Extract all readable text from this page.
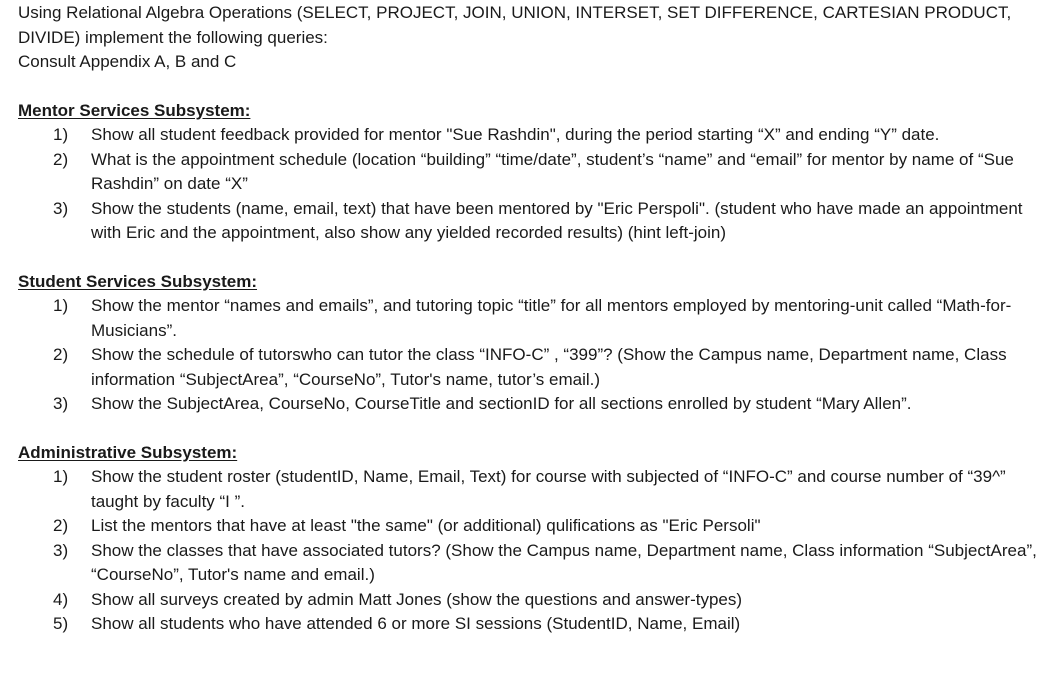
Using Relational Algebra Operations (SELECT, PROJECT, JOIN, UNION, INTERSET, SET DIFFERENCE, CARTESIAN PRODUCT,

DIVIDE) implement the following queries:

Consult Appendix A, B and C

Mentor Services Subsystem:
1) Show all student feedback provided for mentor "Sue Rashdin", during the period starting “X” and ending “Y” date.
2) What is the appointment schedule (location “building” “time/date”, student’s “name” and “email” for mentor by name of “Sue Rashdin” on date “X”
3) Show the students (name, email, text) that have been mentored by "Eric Perspoli". (student who have made an appointment with Eric and the appointment, also show any yielded recorded results) (hint left-join)
Student Services Subsystem:
1) Show the mentor “names and emails”, and tutoring topic “title” for all mentors employed by mentoring-unit called “Math-for-Musicians”.
2) Show the schedule of tutorswho can tutor the class “INFO-C” , “399”? (Show the Campus name, Department name, Class information “SubjectArea”, “CourseNo”, Tutor's name, tutor’s email.)
3) Show the SubjectArea, CourseNo, CourseTitle and sectionID for all sections enrolled by student “Mary Allen”.
Administrative Subsystem:
1) Show the student roster (studentID, Name, Email, Text) for course with subjected of “INFO-C” and course number of “39^” taught by faculty “I ”.
2) List the mentors that have at least "the same" (or additional) qulifications as "Eric Persoli"
3) Show the classes that have associated tutors? (Show the Campus name, Department name, Class information “SubjectArea”, “CourseNo”, Tutor's name and email.)
4) Show all surveys created by admin Matt Jones (show the questions and answer-types)
5) Show all students who have attended 6 or more SI sessions (StudentID, Name, Email)
